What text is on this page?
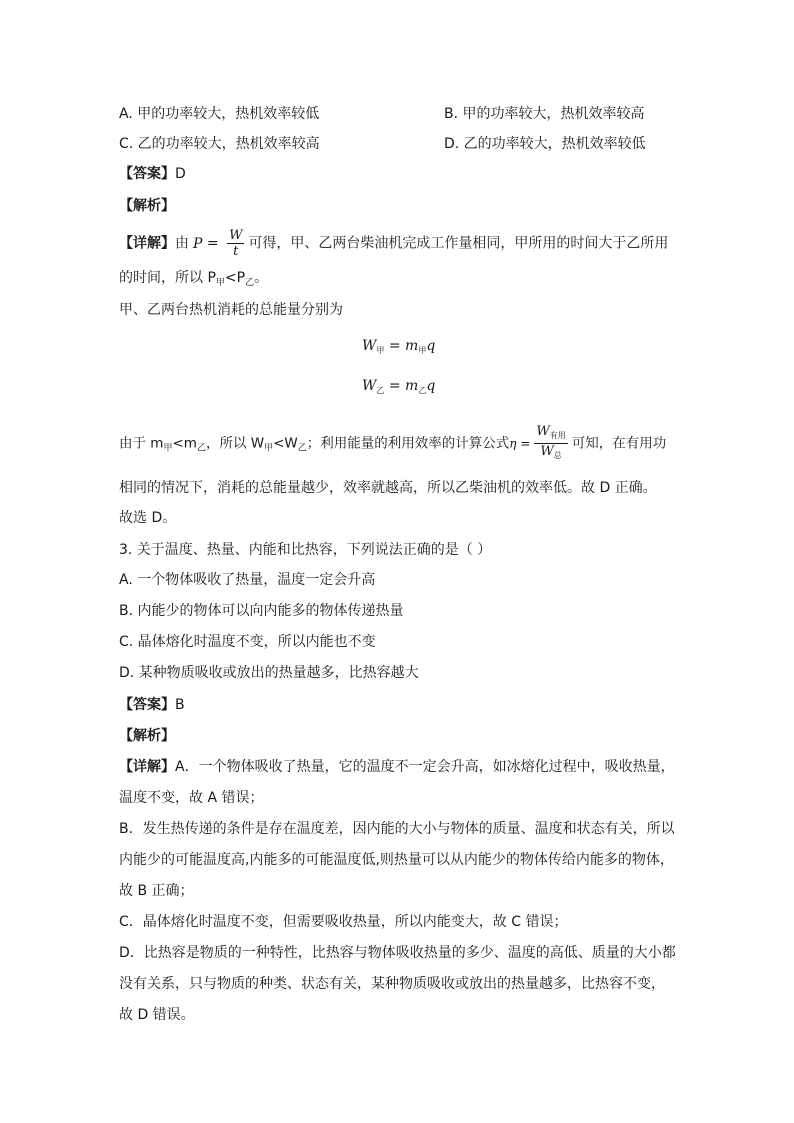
A. 甲的功率较大，热机效率较低	B. 甲的功率较大，热机效率较高
C. 乙的功率较大，热机效率较高	D. 乙的功率较大，热机效率较低
【答案】D
【解析】
【详解】由 $P = \frac{W}{t}$ 可得，甲、乙两台柴油机完成工作量相同，甲所用的时间大于乙所用
的时间，所以 $P_甲<P_乙$。
甲、乙两台热机消耗的总能量分别为
$W_甲 = m_甲q$
$W_乙 = m_乙q$
由于 $m_甲<m_乙$，所以 $W_甲<W_乙$；利用能量的利用效率的计算公式$\eta = \frac{W_{有用}}{W_总}$ 可知，在有用功
相同的情况下，消耗的总能量越少，效率就越高，所以乙柴油机的效率低。故 D 正确。
故选 D。
3. 关于温度、热量、内能和比热容，下列说法正确的是（ ）
A. 一个物体吸收了热量，温度一定会升高
B. 内能少的物体可以向内能多的物体传递热量
C. 晶体熔化时温度不变，所以内能也不变
D. 某种物质吸收或放出的热量越多，比热容越大
【答案】B
【解析】
【详解】A．一个物体吸收了热量，它的温度不一定会升高，如冰熔化过程中，吸收热量，
温度不变，故 A 错误；
B．发生热传递的条件是存在温度差，因内能的大小与物体的质量、温度和状态有关，所以
内能少的可能温度高,内能多的可能温度低,则热量可以从内能少的物体传给内能多的物体，
故 B 正确；
C．晶体熔化时温度不变，但需要吸收热量，所以内能变大，故 C 错误；
D．比热容是物质的一种特性，比热容与物体吸收热量的多少、温度的高低、质量的大小都
没有关系，只与物质的种类、状态有关，某种物质吸收或放出的热量越多，比热容不变，
故 D 错误。
